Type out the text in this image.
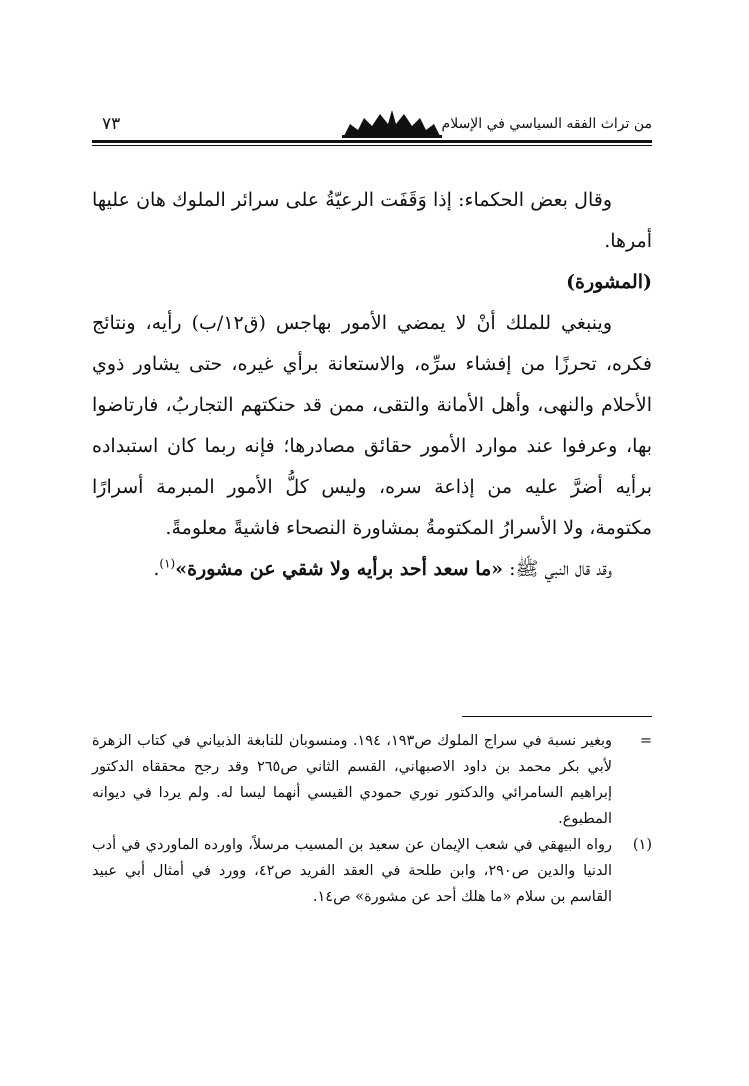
من تراث الفقه السياسي في الإسلام
٧٣

وقال بعض الحكماء: إذا وَقَفَت الرعيّةُ على سرائر الملوك هان عليها أمرها.

(المشورة)

وينبغي للملك أنْ لا يمضي الأمور بهاجس (ق١٢/ب) رأيه، ونتائج فكره، تحرزًا من إفشاء سرِّه، والاستعانة برأي غيره، حتى يشاور ذوي الأحلام والنهى، وأهل الأمانة والتقى، ممن قد حنكتهم التجاربُ، فارتاضوا بها، وعرفوا عند موارد الأمور حقائق مصادرها؛ فإنه ربما كان استبداده برأيه أضرَّ عليه من إذاعة سره، وليس كلُّ الأمور المبرمة أسرارًا مكتومة، ولا الأسرارُ المكتومةُ بمشاورة النصحاء فاشيةً معلومةً.

وقد قال النبي ﷺ: «ما سعد أحد برأيه ولا شقي عن مشورة»$^{(١)}$.

=
وبغير نسبة في سراج الملوك ص١٩٣، ١٩٤. ومنسوبان للنابغة الذبياني في كتاب الزهرة لأبي بكر محمد بن داود الاصبهاني، القسم الثاني ص٢٦٥ وقد رجح محققاه الدكتور إبراهيم السامرائي والدكتور نوري حمودي القيسي أنهما ليسا له. ولم يردا في ديوانه المطبوع.
(١)
رواه البيهقي في شعب الإيمان عن سعيد بن المسيب مرسلاً، واورده الماوردي في أدب الدنيا والدين ص٢٩٠، وابن طلحة في العقد الفريد ص٤٢، وورد في أمثال أبي عبيد القاسم بن سلام «ما هلك أحد عن مشورة» ص١٤.
